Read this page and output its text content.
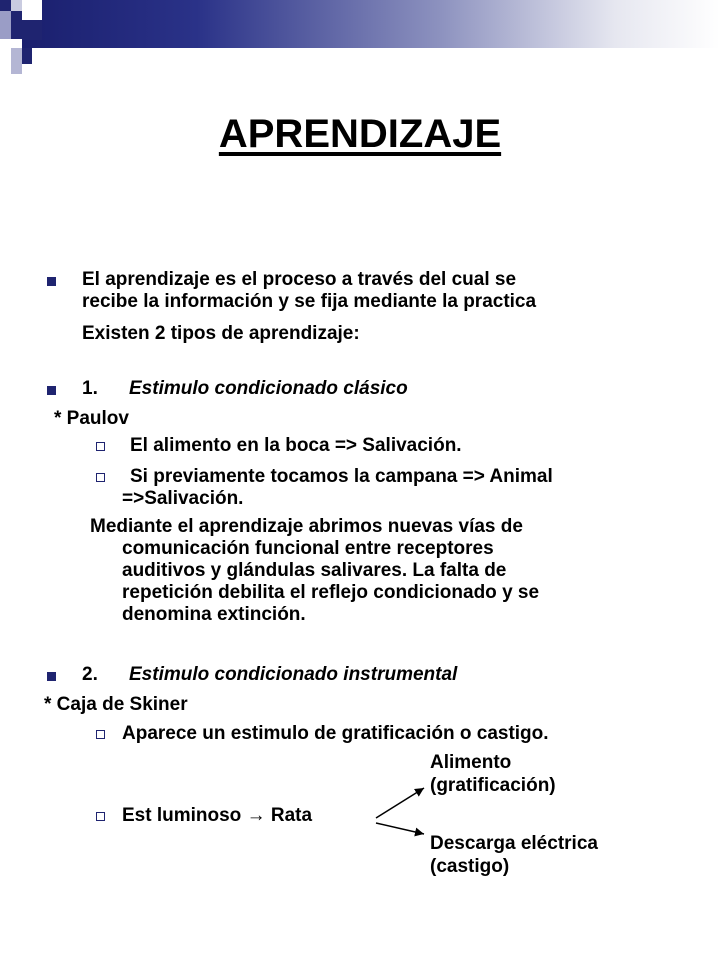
APRENDIZAJE
El aprendizaje es el proceso a través del cual se
recibe la información y se fija mediante la practica
Existen 2 tipos de aprendizaje:
1. Estimulo condicionado clásico
* Paulov
El alimento en la boca => Salivación.
Si previamente tocamos la campana => Animal
=>Salivación.
Mediante el aprendizaje abrimos nuevas vías de
comunicación funcional entre receptores
auditivos y glándulas salivares. La falta de
repetición debilita el reflejo condicionado y se
denomina extinción.
2. Estimulo condicionado instrumental
* Caja de Skiner
Aparece un estimulo de gratificación o castigo.
Alimento
(gratificación)
Est luminoso → Rata
Descarga eléctrica
(castigo)
